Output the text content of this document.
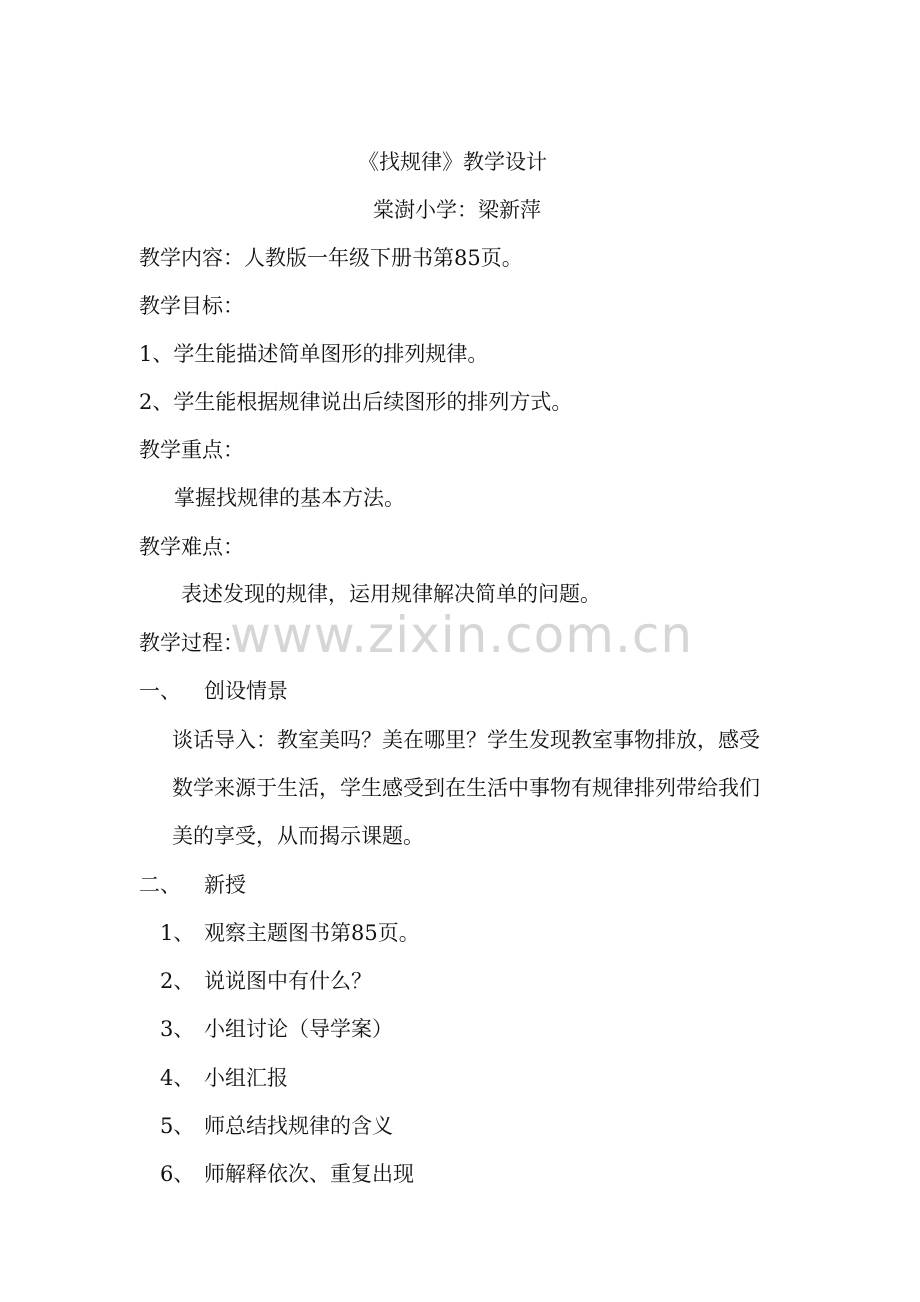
www.zixin.com.cn
《找规律》教学设计
棠澍小学：梁新萍
教学内容：人教版一年级下册书第85页。
教学目标：
1、学生能描述简单图形的排列规律。
2、学生能根据规律说出后续图形的排列方式。
教学重点：
掌握找规律的基本方法。
教学难点：
表述发现的规律，运用规律解决简单的问题。
教学过程：
一、 创设情景
谈话导入：教室美吗？美在哪里？学生发现教室事物排放，感受
数学来源于生活，学生感受到在生活中事物有规律排列带给我们
美的享受，从而揭示课题。
二、 新授
1、 观察主题图书第85页。
2、 说说图中有什么？
3、 小组讨论（导学案）
4、 小组汇报
5、 师总结找规律的含义
6、 师解释依次、重复出现
